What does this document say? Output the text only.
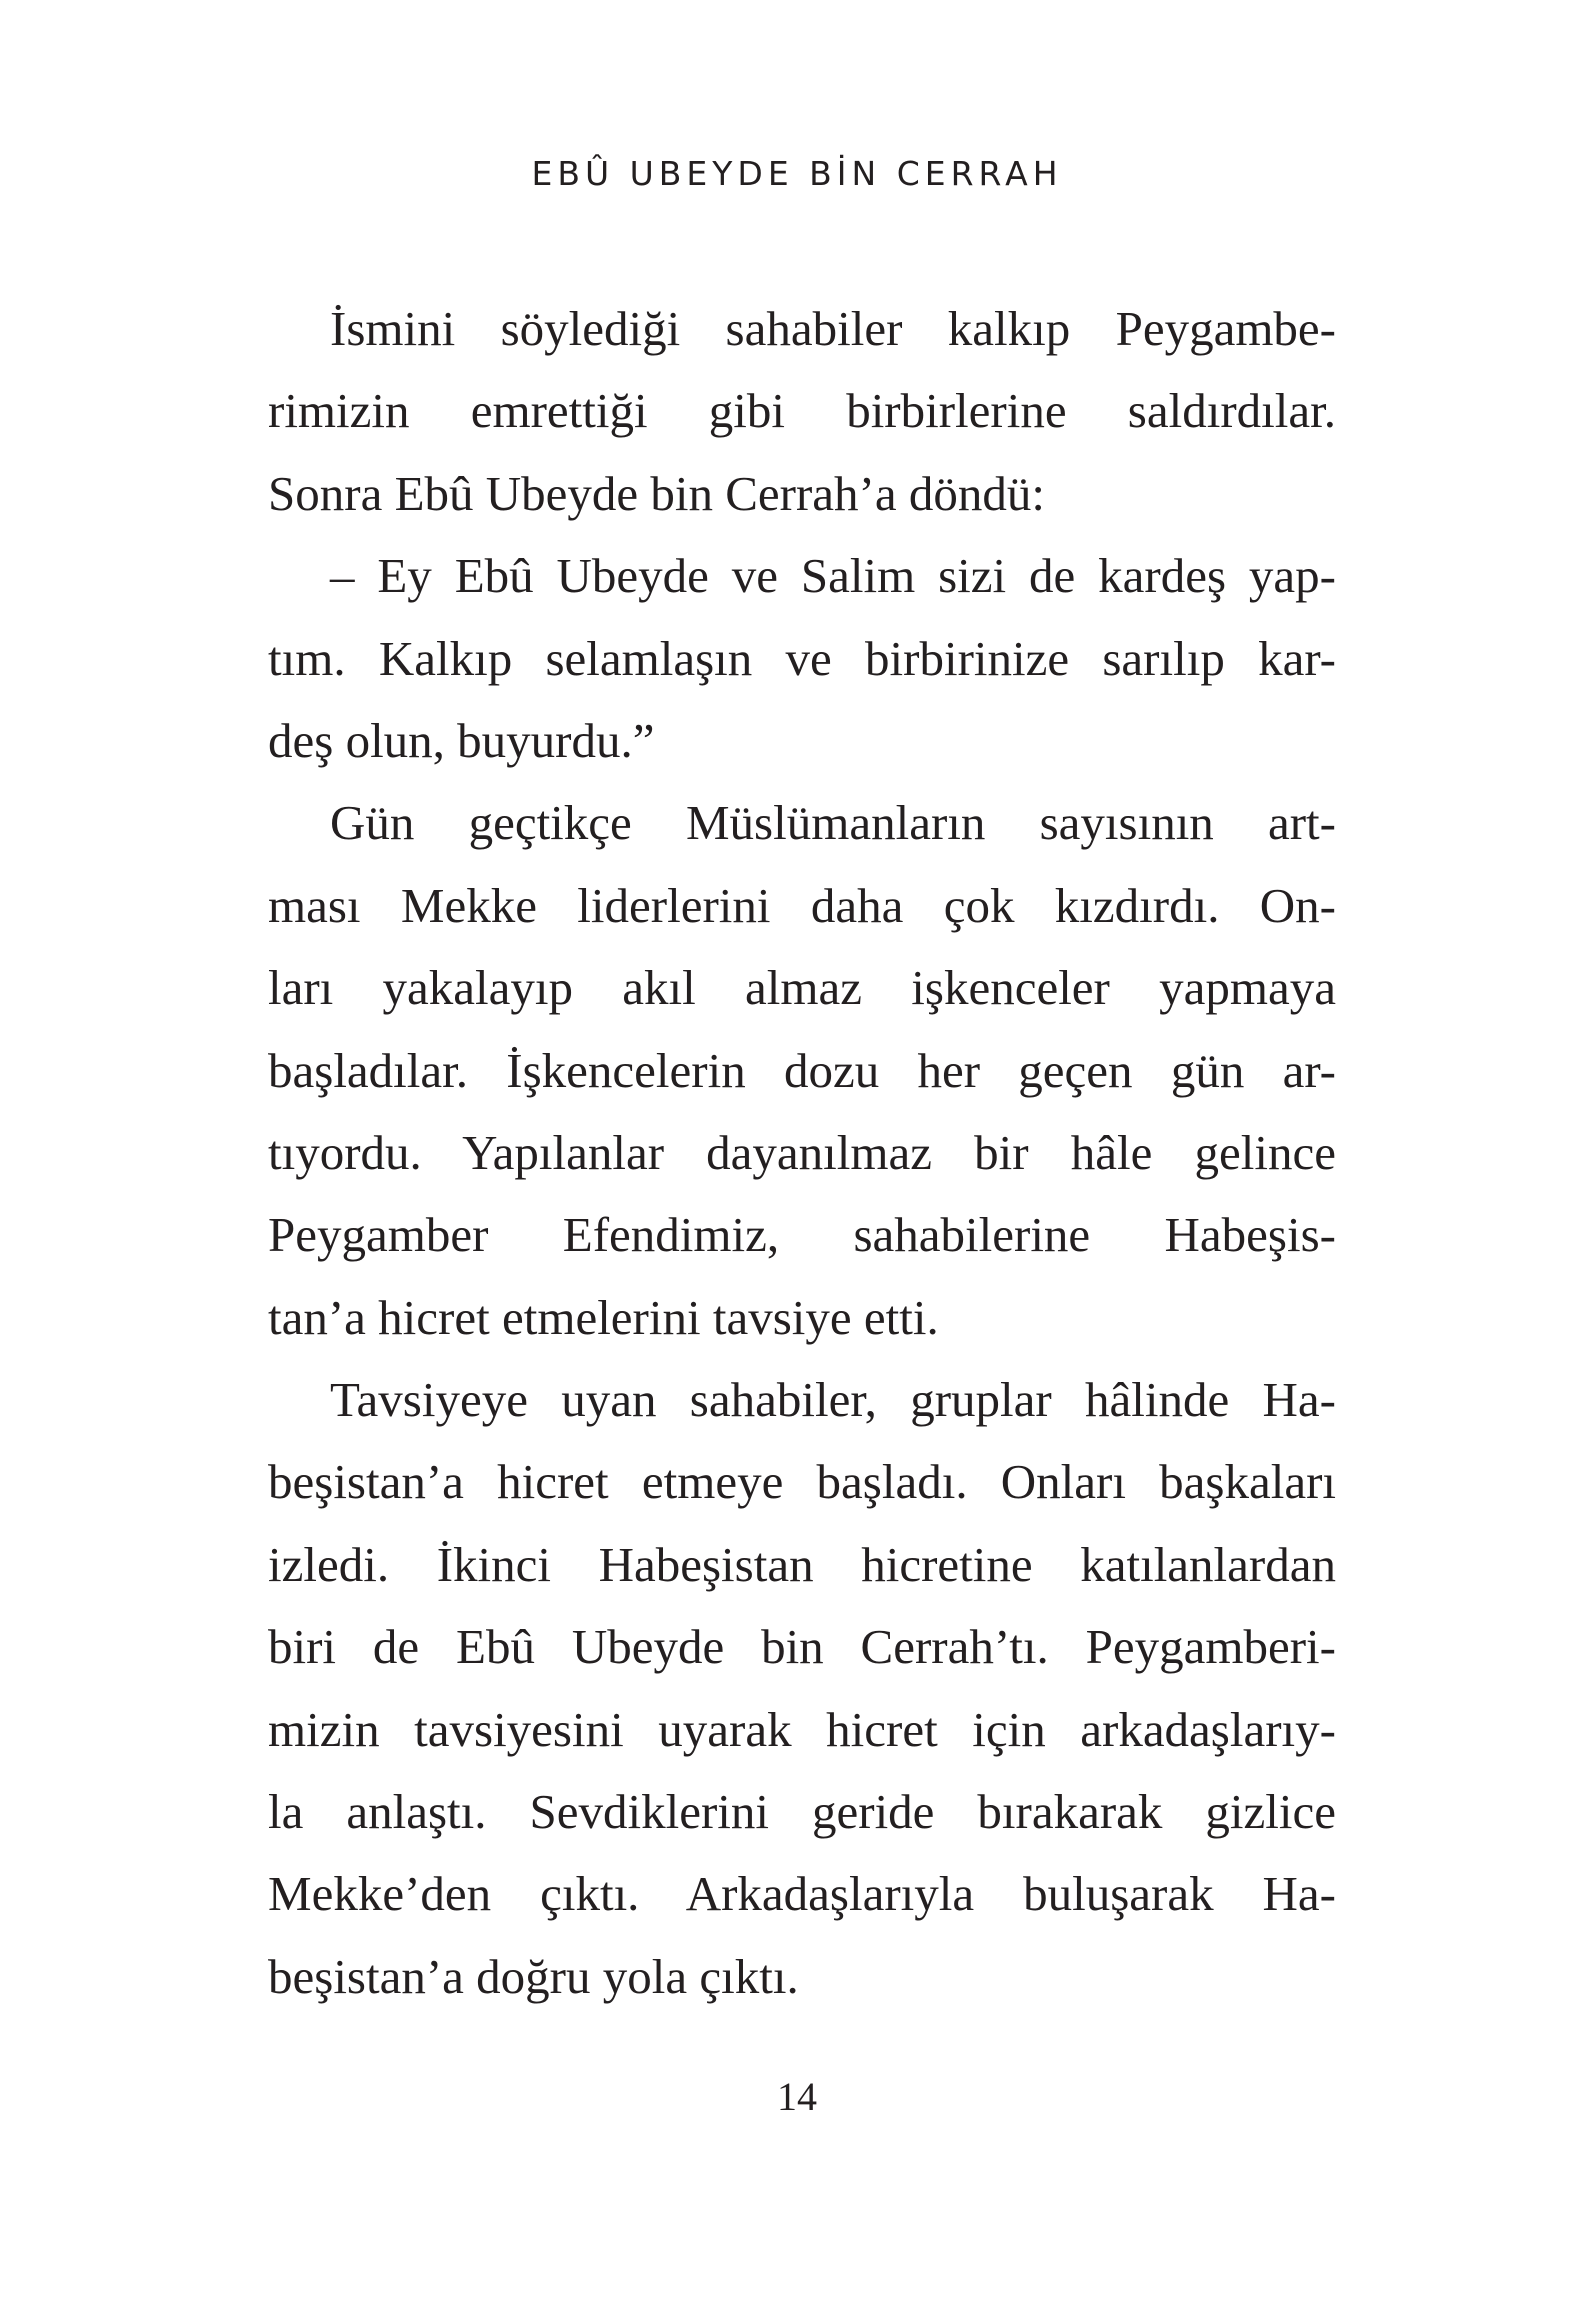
EBÛ UBEYDE BİN CERRAH
İsmini söylediği sahabiler kalkıp Peygambe-
rimizin emrettiği gibi birbirlerine saldırdılar.
Sonra Ebû Ubeyde bin Cerrah’a döndü:
– Ey Ebû Ubeyde ve Salim sizi de kardeş yap-
tım. Kalkıp selamlaşın ve birbirinize sarılıp kar-
deş olun, buyurdu.”
Gün geçtikçe Müslümanların sayısının art-
ması Mekke liderlerini daha çok kızdırdı. On-
ları yakalayıp akıl almaz işkenceler yapmaya
başladılar. İşkencelerin dozu her geçen gün ar-
tıyordu. Yapılanlar dayanılmaz bir hâle gelince
Peygamber Efendimiz, sahabilerine Habeşis-
tan’a hicret etmelerini tavsiye etti.
Tavsiyeye uyan sahabiler, gruplar hâlinde Ha-
beşistan’a hicret etmeye başladı. Onları başkaları
izledi. İkinci Habeşistan hicretine katılanlardan
biri de Ebû Ubeyde bin Cerrah’tı. Peygamberi-
mizin tavsiyesini uyarak hicret için arkadaşlarıy-
la anlaştı. Sevdiklerini geride bırakarak gizlice
Mekke’den çıktı. Arkadaşlarıyla buluşarak Ha-
beşistan’a doğru yola çıktı.
14
